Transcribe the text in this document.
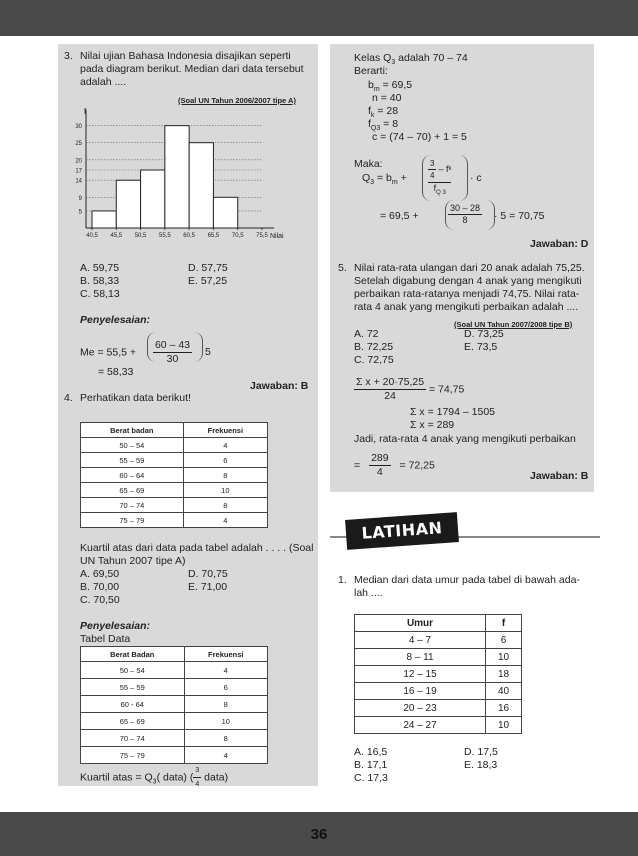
36
3. Nilai ujian Bahasa Indonesia disajikan seperti
pada diagram berikut. Median dari data tersebut
adalah ....
(Soal UN Tahun 2006/2007 tipe A)
5
9
14
17
20
25
30
40,5 45,5 50,5 55,5 60,5 65,5 70,5 75,5
f
Nilai
A. 59,75
B. 58,33
C. 58,13
D. 57,75
E. 57,25
Penyelesaian:
$Me = 55,5 + \frac{60 - 43}{30} 5$
= 58,33
Jawaban: B
4. Perhatikan data berikut!
Berat badan	Frekuensi
50 – 54	4
55 – 59	6
60 – 64	8
65 – 69	10
70 – 74	8
75 – 79	4
Kuartil atas dari data pada tabel adalah . . . . (Soal
UN Tahun 2007 tipe A)
A. 69,50
B. 70,00
C. 70,50
D. 70,75
E. 71,00
Penyelesaian:
Tabel Data
Berat Badan	Frekuensi
50 – 54	4
55 – 59	6
60 - 64	8
65 – 69	10
70 – 74	8
75 – 79	4
Kuartil atas = $Q_3$( data) ( $\frac{3}{4}$ data)
Kelas $Q_3$ adalah 70 – 74
Berarti:
$b_m = 69,5$
n = 40
$f_k = 28$
$f_{Q3} = 8$
c = (74 – 70) + 1 = 5
Maka:
$Q_3 = b_m$ +	$\frac{3}{4}$ – f k
$f_{Q 3}$
· c
= 69,5 +	$\frac{30 - 28}{8} \cdot 5 = 70,75$
Jawaban: D
5. Nilai rata-rata ulangan dari 20 anak adalah 75,25.
Setelah digabung dengan 4 anak yang mengikuti
perbaikan rata-ratanya menjadi 74,75. Nilai rata-
rata 4 anak yang mengikuti perbaikan adalah ....
(Soal UN Tahun 2007/2008 tipe B)
A. 72
B. 72,25
C. 72,75
D. 73,25
E. 73,5
$\frac{\text{Σ x + 20·75,25}}{24} = 74,75$
Σ x = 1794 – 1505
Σ x = 289
Jadi, rata-rata 4 anak yang mengikuti perbaikan
= $\frac{289}{4} = 72,25$
Jawaban: B
LATIHAN SOAL
1. Median dari data umur pada tabel di bawah ada-
lah ....
Umur	f
4 – 7	6
8 – 11	10
12 – 15	18
16 – 19	40
20 – 23	16
24 – 27	10
A. 16,5
B. 17,1
C. 17,3
D. 17,5
E. 18,3
